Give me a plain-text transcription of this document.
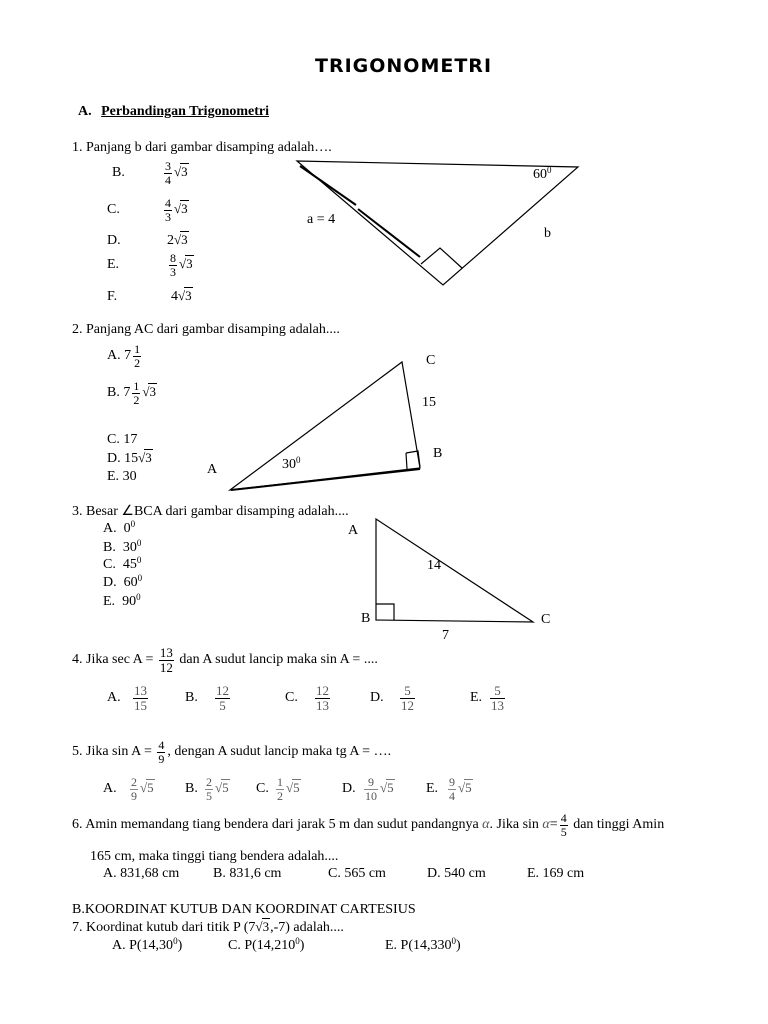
TRIGONOMETRI
A. Perbandingan Trigonometri
1. Panjang b dari gambar disamping adalah….
B.	$\frac{3}{4} √3$
C.	$\frac{4}{3} √3$
D.	2√3
E.	$\frac{8}{3} √3$
F.	4√3
$60^0$
a = 4
b
2. Panjang AC dari gambar disamping adalah....
A. $7 \frac{1}{2}$
B. $7 \frac{1}{2} √3$
C. 17
D. 15√3
E. 30
C
15
B
A	$30^0$
3. Besar ∠BCA dari gambar disamping adalah....
A. $0^0$
B. $30^0$
C. $45^0$
D. $60^0$
E. $90^0$
A
14
B	C
7
4. Jika $\sec A = \frac{13}{12}$ dan A sudut lancip maka sin A = ....
A. $\frac{13}{15}$	B. $\frac{12}{5}$	C. $\frac{12}{13}$	D. $\frac{5}{12}$	E. $\frac{5}{13}$
5. Jika $\sin A = \frac{4}{9}$ , dengan A sudut lancip maka tg A = ….
A. $\frac{2}{9} √5$ B. $\frac{2}{5} √5$ C. $\frac{1}{2} √5$	D. $\frac{9}{10} √5$ E. $\frac{9}{4} √5$
6. Amin memandang tiang bendera dari jarak 5 m dan sudut pandangnya α. Jika $\sin \alpha= \frac{4}{5}$ dan tinggi Amin
165 cm, maka tinggi tiang bendera adalah....
A. 831,68 cm B. 831,6 cm	C. 565 cm	D. 540 cm	E. 169 cm
B.KOORDINAT KUTUB DAN KOORDINAT CARTESIUS
7. Koordinat kutub dari titik P (7√3,-7) adalah....
A. P(14,30$^0$)	C. P(14,210$^0$)	E. P(14,330$^0$)
